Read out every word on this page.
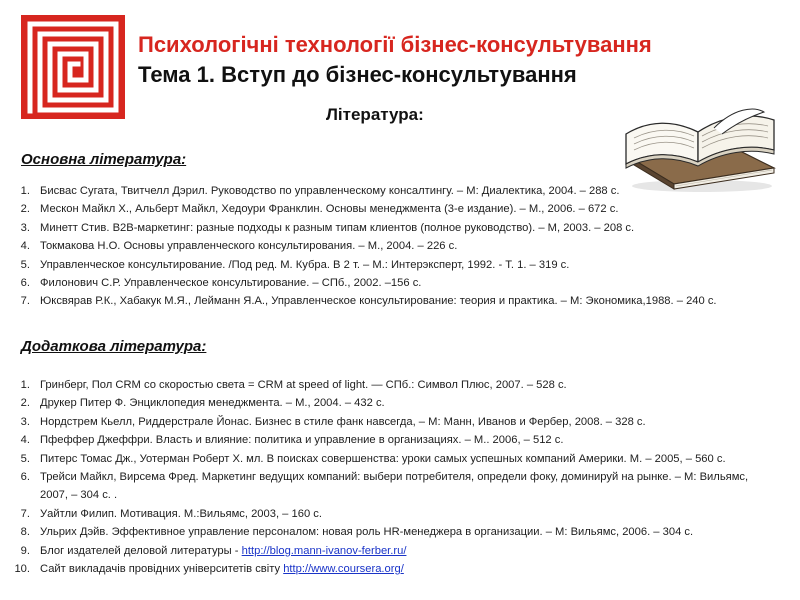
Психологічні технології бізнес-консультування
Тема 1. Вступ до бізнес-консультування
Література:
Основна література:
1. Бисвас Сугата, Твитчелл Дэрил. Руководство по управленческому консалтингу. – М: Диалектика, 2004. – 288 с.
2. Мескон Майкл Х., Альберт Майкл, Хедоури Франклин. Основы менеджмента (3-е издание). – М., 2006. – 672 с.
3. Минетт Стив. B2B-маркетинг: разные подходы к разным типам клиентов (полное руководство). – М, 2003. – 208 с.
4. Токмакова Н.О. Основы управленческого консультирования. – М., 2004. – 226 с.
5. Управленческое консультирование. /Под ред. М. Кубра. В 2 т. – М.: Интерэксперт, 1992. - Т. 1. – 319 с.
6. Филонович С.Р. Управленческое консультирование. – СПб., 2002. –156 с.
7. Юксвярав Р.К., Хабакук М.Я., Лейманн Я.А., Управленческое консультирование: теория и практика. – М: Экономика,1988. – 240 с.
Додаткова література:
1. Гринберг, Пол CRM со скоростью света = CRM at speed of light. — СПб.: Символ Плюс, 2007. – 528 с.
2. Друкер Питер Ф. Энциклопедия менеджмента. – М., 2004. – 432 с.
3. Нордстрем Кьелл, Риддерстрале Йонас. Бизнес в стиле фанк навсегда, – М: Манн, Иванов и Фербер, 2008. – 328 с.
4. Пфеффер Джеффри. Власть и влияние: политика и управление в организациях. – М.. 2006, – 512 с.
5. Питерс Томас Дж., Уотерман Роберт Х. мл. В поисках совершенства: уроки самых успешных компаний Америки. М. – 2005, – 560 с.
6. Трейси Майкл, Вирсема Фред. Маркетинг ведущих компаний: выбери потребителя, определи фоку, доминируй на рынке. – М: Вильямс, 2007, – 304 с. .
7. Уайтли Филип. Мотивация. М.:Вильямс, 2003, – 160 с.
8. Ульрих Дэйв. Эффективное управление персоналом: новая роль HR-менеджера в организации. – М: Вильямс, 2006. – 304 с.
9. Блог издателей деловой литературы - http://blog.mann-ivanov-ferber.ru/
10. Сайт викладачів провідних університетів світу http://www.coursera.org/
